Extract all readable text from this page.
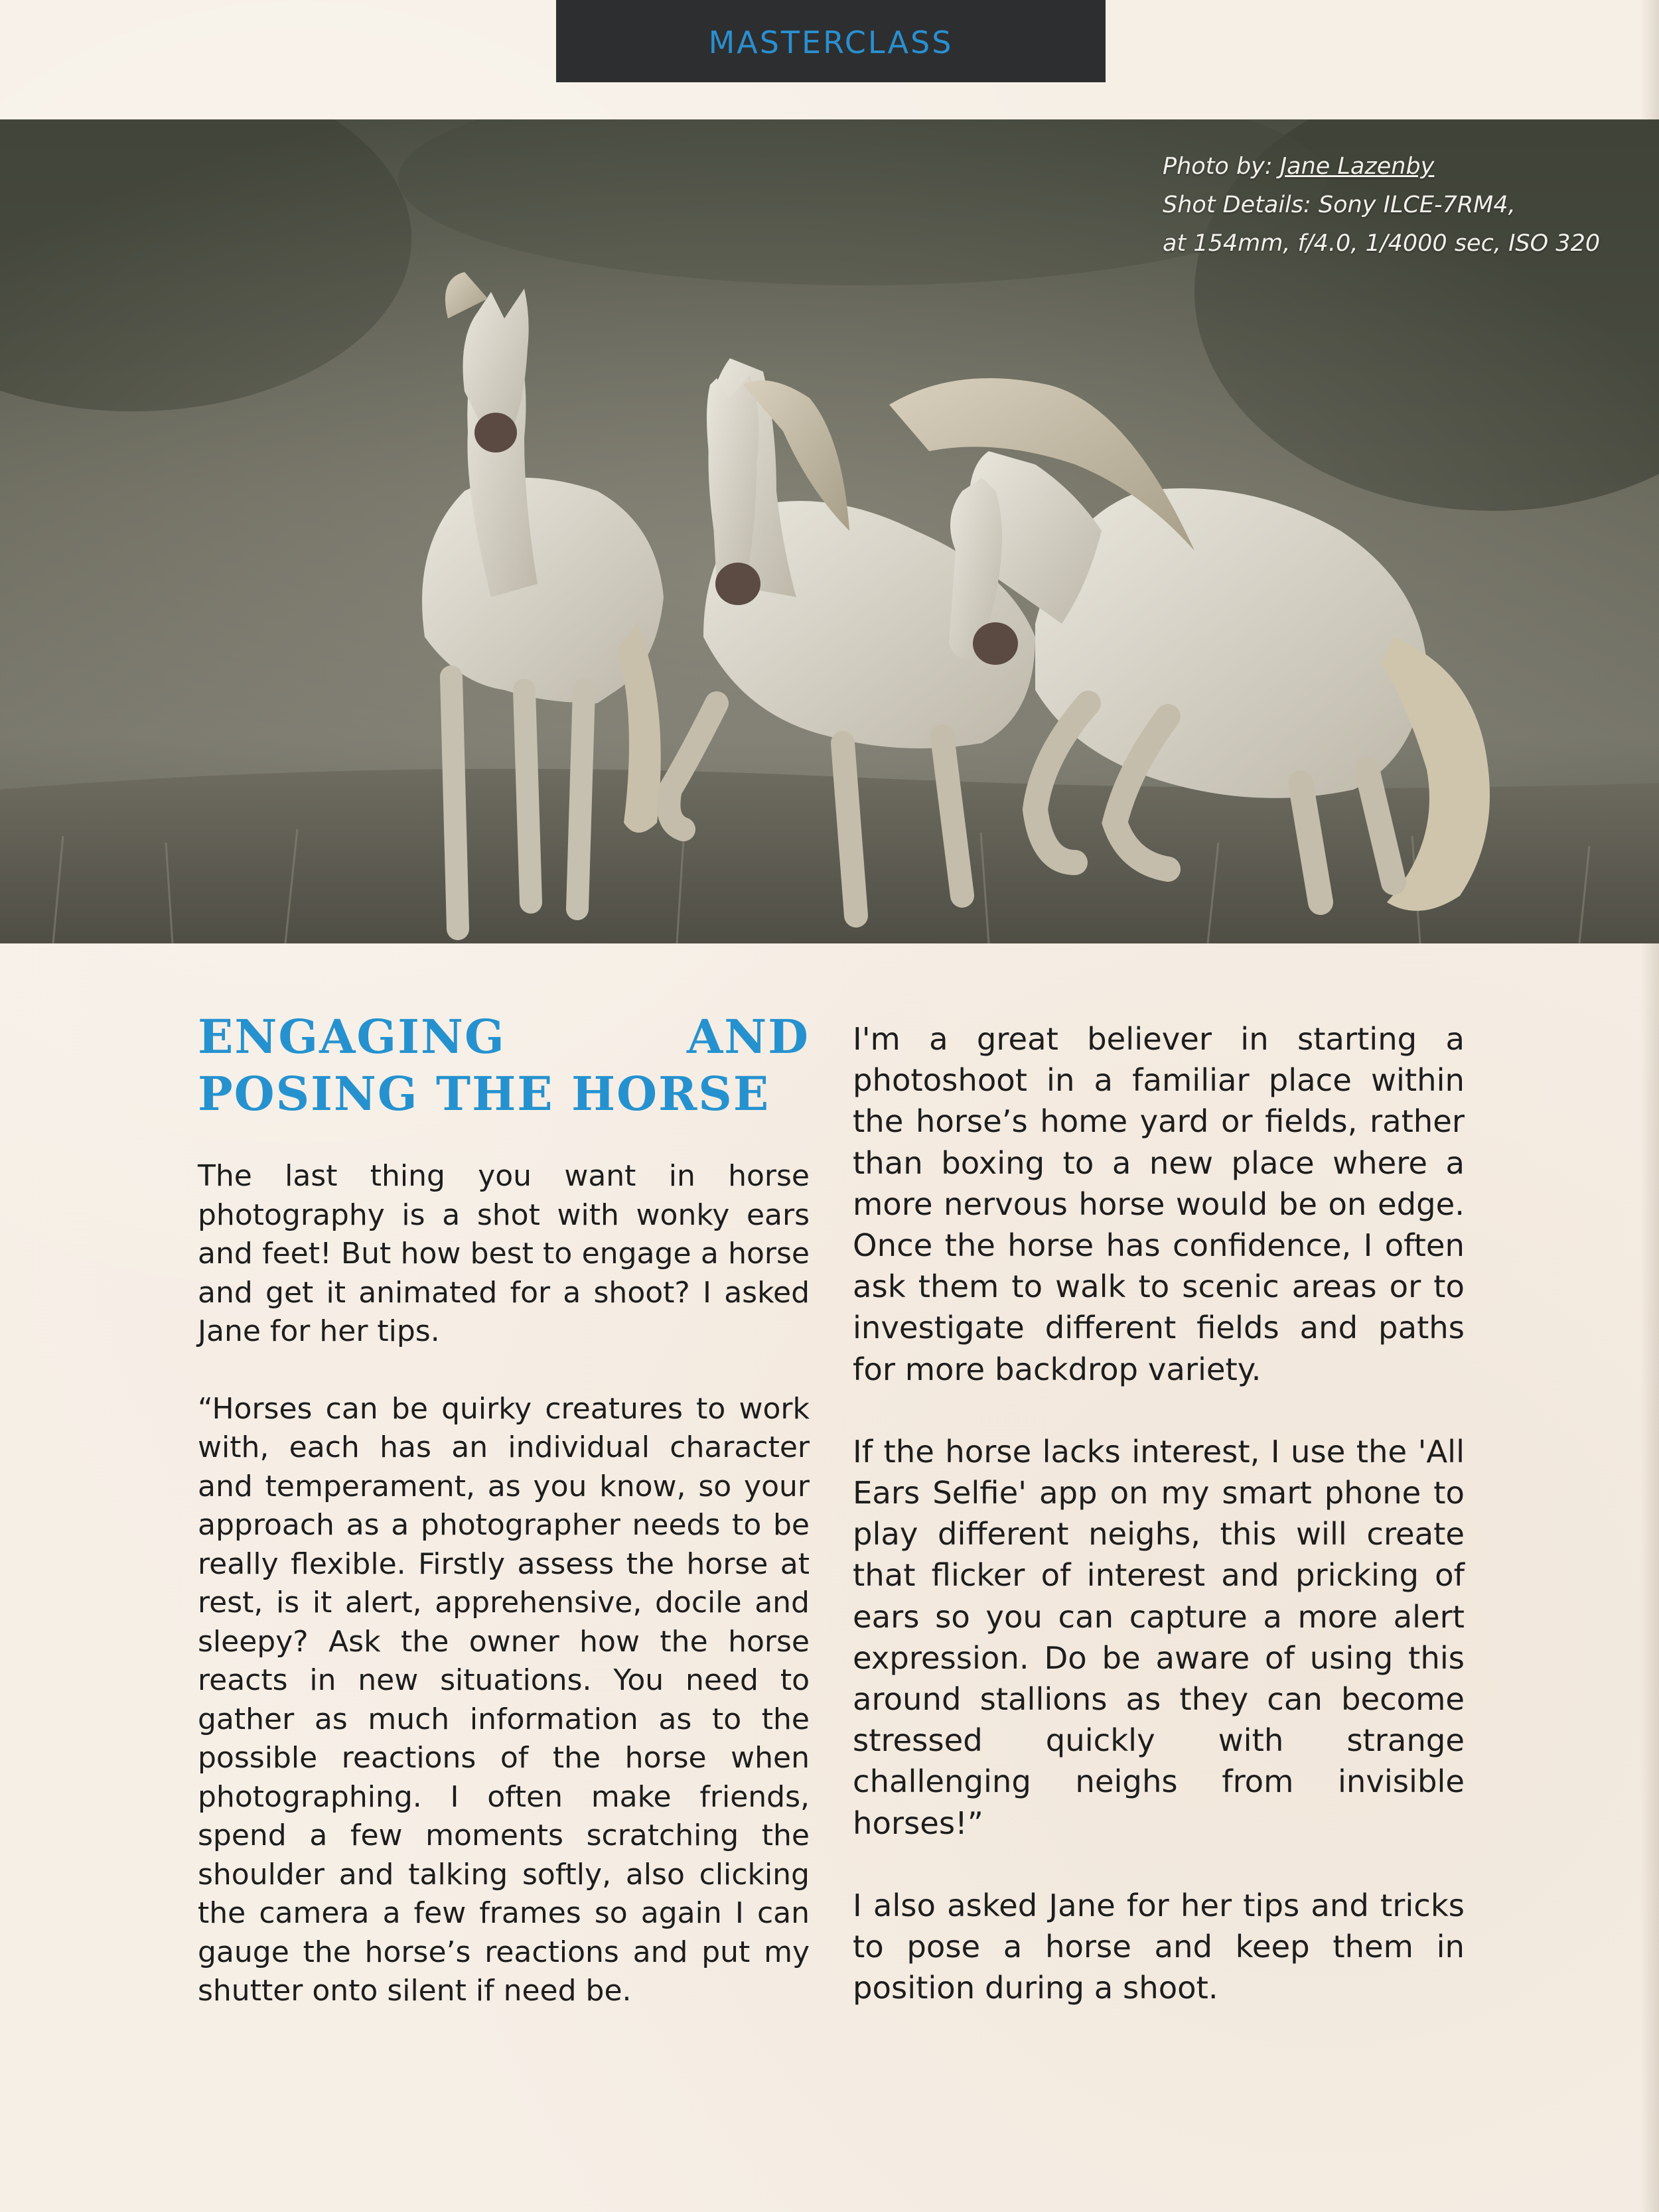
MASTERCLASS
Photo by: Jane Lazenby
Shot Details: Sony ILCE-7RM4,
at 154mm, f/4.0, 1/4000 sec, ISO 320
ENGAGING AND POSING THE HORSE

The last thing you want in horse photography is a shot with wonky ears and feet! But how best to engage a horse and get it animated for a shoot? I asked Jane for her tips.

“Horses can be quirky creatures to work with, each has an individual character and temperament, as you know, so your approach as a photographer needs to be really flexible. Firstly assess the horse at rest, is it alert, apprehensive, docile and sleepy? Ask the owner how the horse reacts in new situations. You need to gather as much information as to the possible reactions of the horse when photographing. I often make friends, spend a few moments scratching the shoulder and talking softly, also clicking the camera a few frames so again I can gauge the horse’s reactions and put my shutter onto silent if need be.

I'm a great believer in starting a photoshoot in a familiar place within the horse’s home yard or fields, rather than boxing to a new place where a more nervous horse would be on edge. Once the horse has confidence, I often ask them to walk to scenic areas or to investigate different fields and paths for more backdrop variety.

If the horse lacks interest, I use the 'All Ears Selfie' app on my smart phone to play different neighs, this will create that flicker of interest and pricking of ears so you can capture a more alert expression. Do be aware of using this around stallions as they can become stressed quickly with strange challenging neighs from invisible horses!”

I also asked Jane for her tips and tricks to pose a horse and keep them in position during a shoot.
